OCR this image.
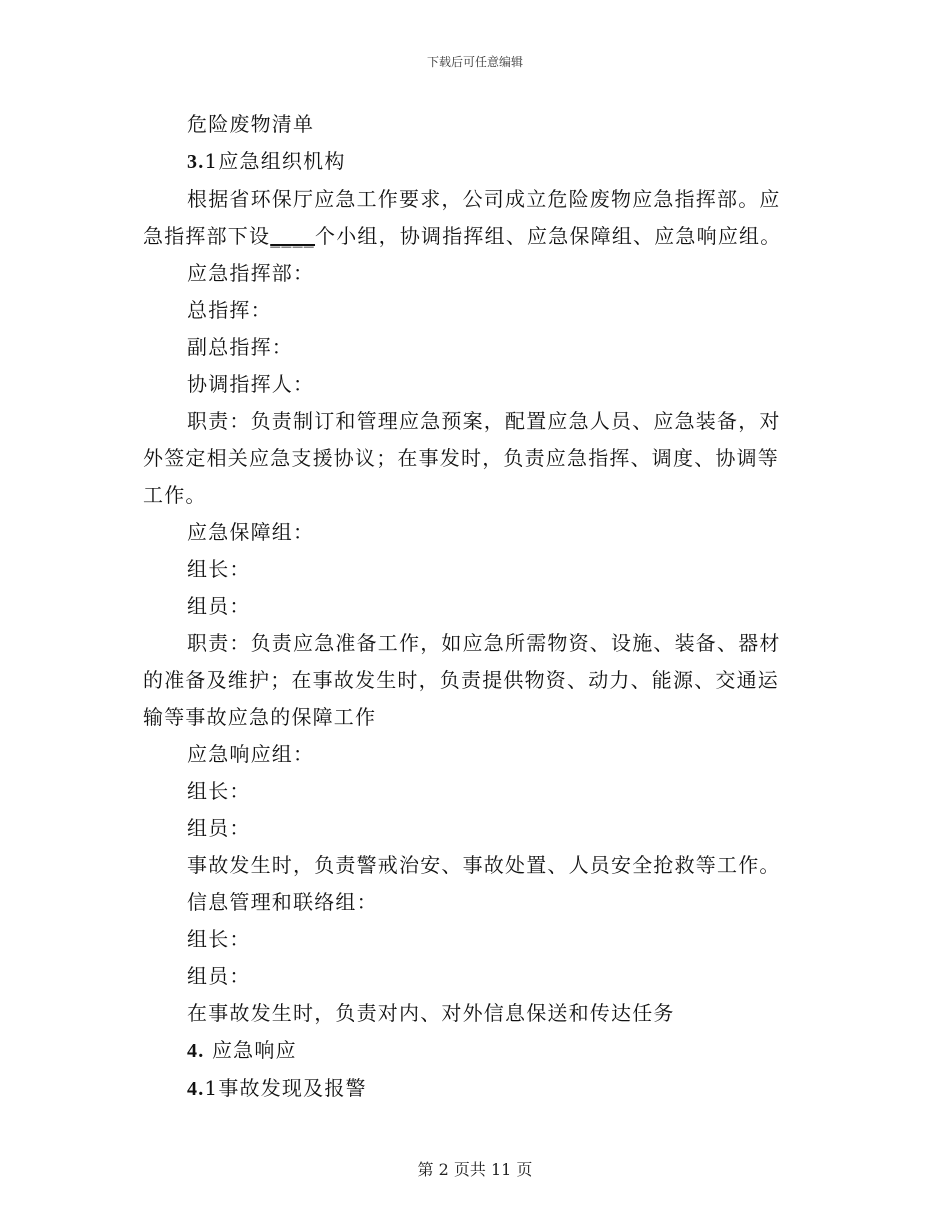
下载后可任意编辑

危险废物清单

3.1应急组织机构

根据省环保厅应急工作要求，公司成立危险废物应急指挥部。应

急指挥部下设____个小组，协调指挥组、应急保障组、应急响应组。

应急指挥部：

总指挥：

副总指挥：

协调指挥人：

职责：负责制订和管理应急预案，配置应急人员、应急装备，对

外签定相关应急支援协议；在事发时，负责应急指挥、调度、协调等

工作。

应急保障组：

组长：

组员：

职责：负责应急准备工作，如应急所需物资、设施、装备、器材

的准备及维护；在事故发生时，负责提供物资、动力、能源、交通运

输等事故应急的保障工作

应急响应组：

组长：

组员：

事故发生时，负责警戒治安、事故处置、人员安全抢救等工作。

信息管理和联络组：

组长：

组员：

在事故发生时，负责对内、对外信息保送和传达任务

4. 应急响应

4.1事故发现及报警

第 2 页共 11 页
